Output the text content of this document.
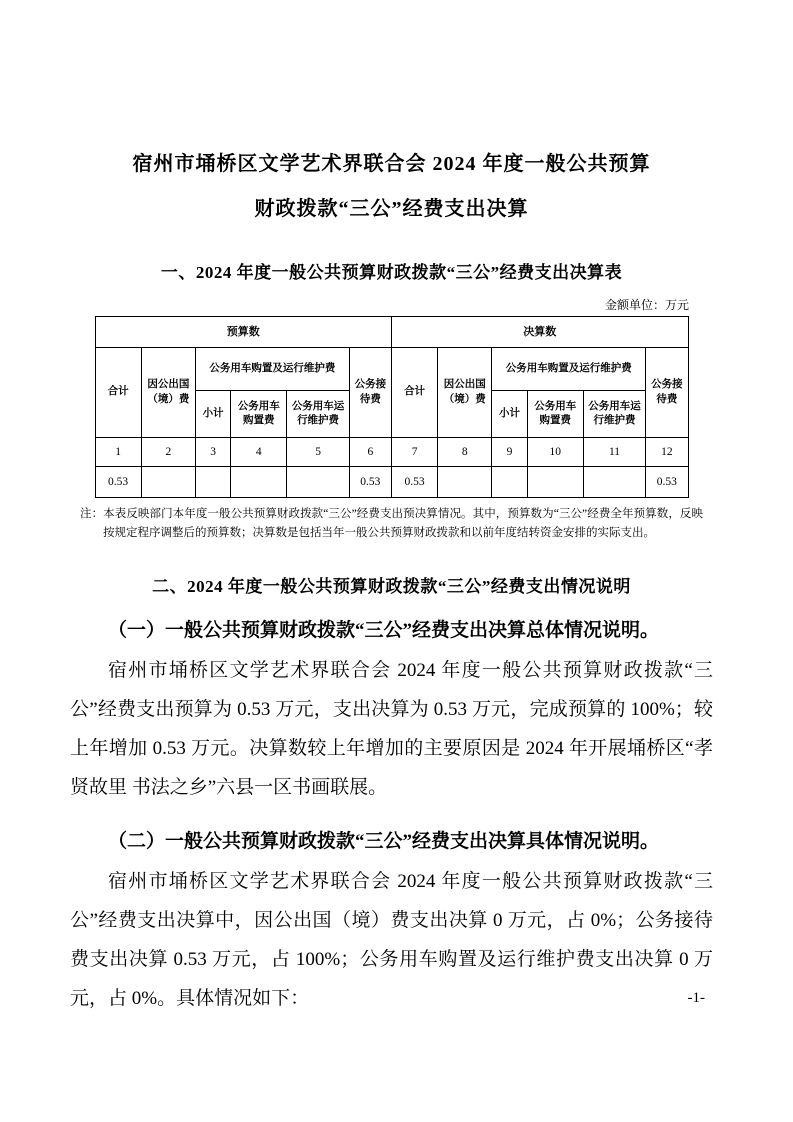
宿州市埇桥区文学艺术界联合会 2024 年度一般公共预算
财政拨款“三公”经费支出决算
一、2024 年度一般公共预算财政拨款“三公”经费支出决算表
金额单位：万元
预算数						决算数					
合计	因公出国（境）费	公务用车购置及运行维护费			公务接待费	合计	因公出国（境）费	公务用车购置及运行维护费			公务接待费
		小计	公务用车购置费	公务用车运行维护费				小计	公务用车购置费	公务用车运行维护费	
1	2	3	4	5	6	7	8	9	10	11	12
0.53					0.53	0.53					0.53
注：本表反映部门本年度一般公共预算财政拨款“三公”经费支出预决算情况。其中，预算数为“三公”经费全年预算数，反映按规定程序调整后的预算数；决算数是包括当年一般公共预算财政拨款和以前年度结转资金安排的实际支出。
二、2024 年度一般公共预算财政拨款“三公”经费支出情况说明
（一）一般公共预算财政拨款“三公”经费支出决算总体情况说明。
宿州市埇桥区文学艺术界联合会 2024 年度一般公共预算财政拨款“三公”经费支出预算为 0.53 万元，支出决算为 0.53 万元，完成预算的 100%；较上年增加 0.53 万元。决算数较上年增加的主要原因是 2024 年开展埇桥区“孝贤故里 书法之乡”六县一区书画联展。
（二）一般公共预算财政拨款“三公”经费支出决算具体情况说明。
宿州市埇桥区文学艺术界联合会 2024 年度一般公共预算财政拨款“三公”经费支出决算中，因公出国（境）费支出决算 0 万元，占 0%；公务接待费支出决算 0.53 万元，占 100%；公务用车购置及运行维护费支出决算 0 万元，占 0%。具体情况如下：	-1-
